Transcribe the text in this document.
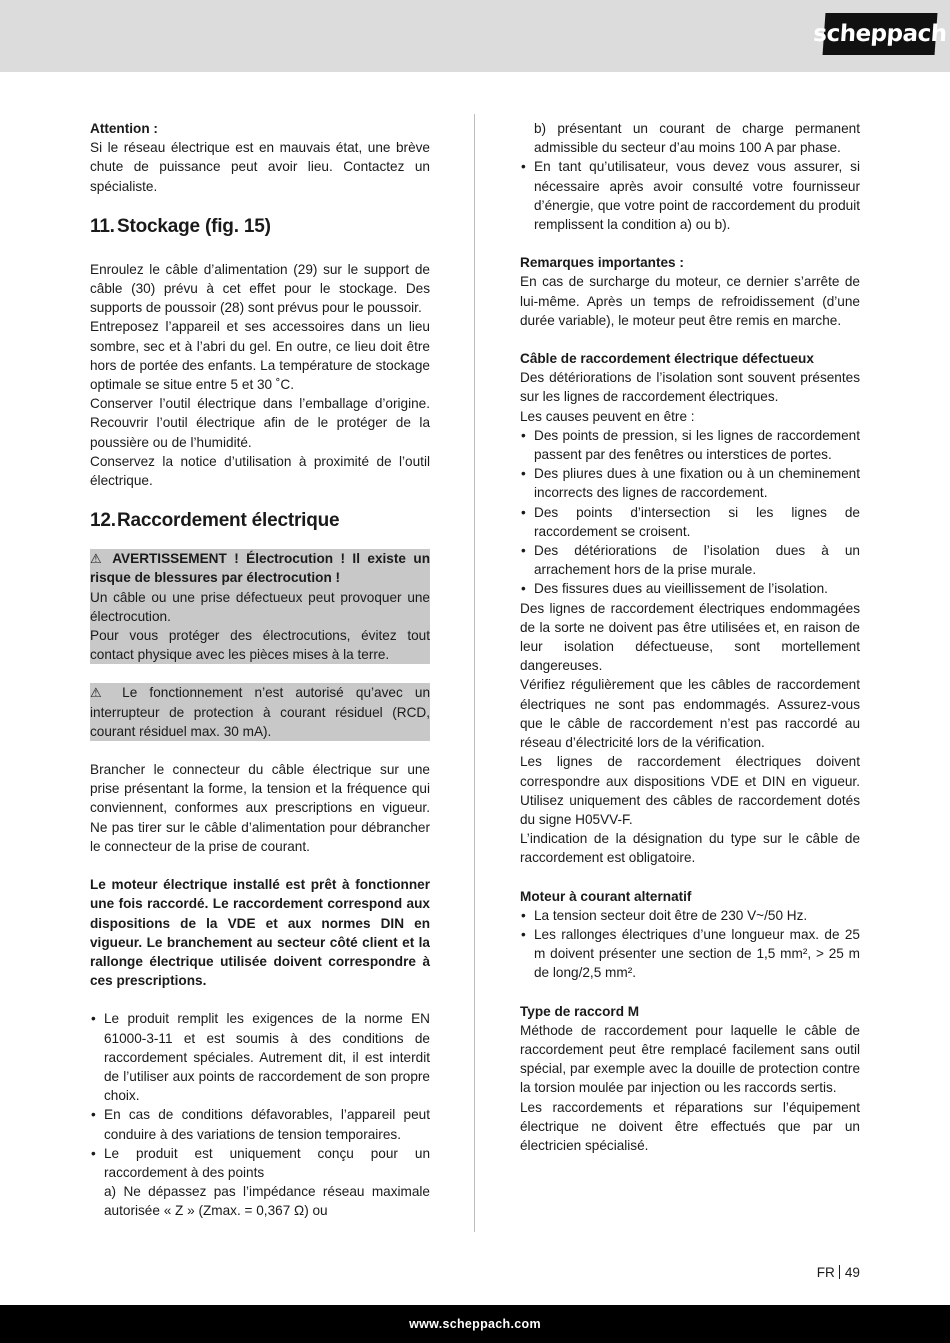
scheppach

Attention :

Si le réseau électrique est en mauvais état, une brève chute de puissance peut avoir lieu. Contactez un spécialiste.

11. Stockage (fig. 15)

Enroulez le câble d’alimentation (29) sur le support de câble (30) prévu à cet effet pour le stockage. Des supports de poussoir (28) sont prévus pour le poussoir.

Entreposez l’appareil et ses accessoires dans un lieu sombre, sec et à l’abri du gel. En outre, ce lieu doit être hors de portée des enfants. La température de stockage optimale se situe entre 5 et 30 ˚C.

Conserver l’outil électrique dans l’emballage d’origine. Recouvrir l’outil électrique afin de le protéger de la poussière ou de l’humidité.

Conservez la notice d’utilisation à proximité de l’outil électrique.

12.Raccordement électrique

⚠ AVERTISSEMENT ! Électrocution ! Il existe un risque de blessures par électrocution !

Un câble ou une prise défectueux peut provoquer une électrocution.

Pour vous protéger des électrocutions, évitez tout contact physique avec les pièces mises à la terre.

⚠ Le fonctionnement n’est autorisé qu’avec un interrupteur de protection à courant résiduel (RCD, courant résiduel max. 30 mA).

Brancher le connecteur du câble électrique sur une prise présentant la forme, la tension et la fréquence qui conviennent, conformes aux prescriptions en vigueur. Ne pas tirer sur le câble d’alimentation pour débrancher le connecteur de la prise de courant.

Le moteur électrique installé est prêt à fonctionner une fois raccordé. Le raccordement correspond aux dispositions de la VDE et aux normes DIN en vigueur. Le branchement au secteur côté client et la rallonge électrique utilisée doivent correspondre à ces prescriptions.

• Le produit remplit les exigences de la norme EN 61000-3-11 et est soumis à des conditions de raccordement spéciales. Autrement dit, il est interdit de l’utiliser aux points de raccordement de son propre choix.
• En cas de conditions défavorables, l’appareil peut conduire à des variations de tension temporaires.
• Le produit est uniquement conçu pour un raccordement à des points
a) Ne dépassez pas l’impédance réseau maximale autorisée « Z » (Zmax. = 0,367 Ω) ou
b) présentant un courant de charge permanent admissible du secteur d’au moins 100 A par phase.
• En tant qu’utilisateur, vous devez vous assurer, si nécessaire après avoir consulté votre fournisseur d’énergie, que votre point de raccordement du produit remplissent la condition a) ou b).

Remarques importantes :

En cas de surcharge du moteur, ce dernier s’arrête de lui-même. Après un temps de refroidissement (d’une durée variable), le moteur peut être remis en marche.

Câble de raccordement électrique défectueux

Des détériorations de l’isolation sont souvent présentes sur les lignes de raccordement électriques.

Les causes peuvent en être :

• Des points de pression, si les lignes de raccordement passent par des fenêtres ou interstices de portes.
• Des pliures dues à une fixation ou à un cheminement incorrects des lignes de raccordement.
• Des points d’intersection si les lignes de raccordement se croisent.
• Des détériorations de l’isolation dues à un arrachement hors de la prise murale.
• Des fissures dues au vieillissement de l’isolation.

Des lignes de raccordement électriques endommagées de la sorte ne doivent pas être utilisées et, en raison de leur isolation défectueuse, sont mortellement dangereuses.

Vérifiez régulièrement que les câbles de raccordement électriques ne sont pas endommagés. Assurez-vous que le câble de raccordement n’est pas raccordé au réseau d’électricité lors de la vérification.

Les lignes de raccordement électriques doivent correspondre aux dispositions VDE et DIN en vigueur. Utilisez uniquement des câbles de raccordement dotés du signe H05VV-F.

L’indication de la désignation du type sur le câble de raccordement est obligatoire.

Moteur à courant alternatif

• La tension secteur doit être de 230 V~/50 Hz.
• Les rallonges électriques d’une longueur max. de 25 m doivent présenter une section de 1,5 mm², > 25 m de long/2,5 mm².

Type de raccord M

Méthode de raccordement pour laquelle le câble de raccordement peut être remplacé facilement sans outil spécial, par exemple avec la douille de protection contre la torsion moulée par injection ou les raccords sertis.

Les raccordements et réparations sur l’équipement électrique ne doivent être effectués que par un électricien spécialisé.

FR 49
www.scheppach.com
